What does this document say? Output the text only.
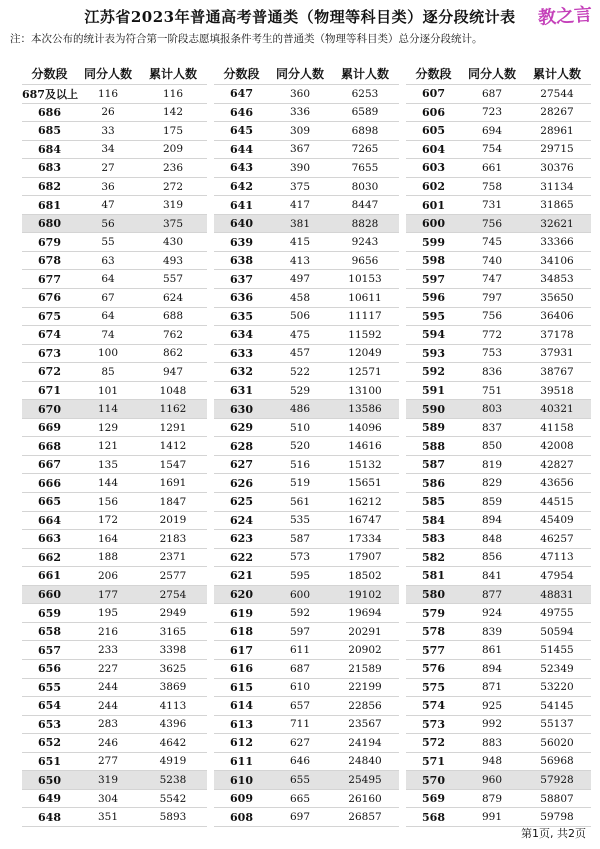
江苏省2023年普通高考普通类（物理等科目类）逐分段统计表	教之言
注：本次公布的统计表为符合第一阶段志愿填报条件考生的普通类（物理等科目类）总分逐分段统计。
分数段	同分人数	累计人数
687及以上	116	116
686	26	142
685	33	175
684	34	209
683	27	236
682	36	272
681	47	319
680	56	375
679	55	430
678	63	493
677	64	557
676	67	624
675	64	688
674	74	762
673	100	862
672	85	947
671	101	1048
670	114	1162
669	129	1291
668	121	1412
667	135	1547
666	144	1691
665	156	1847
664	172	2019
663	164	2183
662	188	2371
661	206	2577
660	177	2754
659	195	2949
658	216	3165
657	233	3398
656	227	3625
655	244	3869
654	244	4113
653	283	4396
652	246	4642
651	277	4919
650	319	5238
649	304	5542
648	351	5893
分数段	同分人数	累计人数
647	360	6253
646	336	6589
645	309	6898
644	367	7265
643	390	7655
642	375	8030
641	417	8447
640	381	8828
639	415	9243
638	413	9656
637	497	10153
636	458	10611
635	506	11117
634	475	11592
633	457	12049
632	522	12571
631	529	13100
630	486	13586
629	510	14096
628	520	14616
627	516	15132
626	519	15651
625	561	16212
624	535	16747
623	587	17334
622	573	17907
621	595	18502
620	600	19102
619	592	19694
618	597	20291
617	611	20902
616	687	21589
615	610	22199
614	657	22856
613	711	23567
612	627	24194
611	646	24840
610	655	25495
609	665	26160
608	697	26857
分数段	同分人数	累计人数
607	687	27544
606	723	28267
605	694	28961
604	754	29715
603	661	30376
602	758	31134
601	731	31865
600	756	32621
599	745	33366
598	740	34106
597	747	34853
596	797	35650
595	756	36406
594	772	37178
593	753	37931
592	836	38767
591	751	39518
590	803	40321
589	837	41158
588	850	42008
587	819	42827
586	829	43656
585	859	44515
584	894	45409
583	848	46257
582	856	47113
581	841	47954
580	877	48831
579	924	49755
578	839	50594
577	861	51455
576	894	52349
575	871	53220
574	925	54145
573	992	55137
572	883	56020
571	948	56968
570	960	57928
569	879	58807
568	991	59798
第1页, 共2页
